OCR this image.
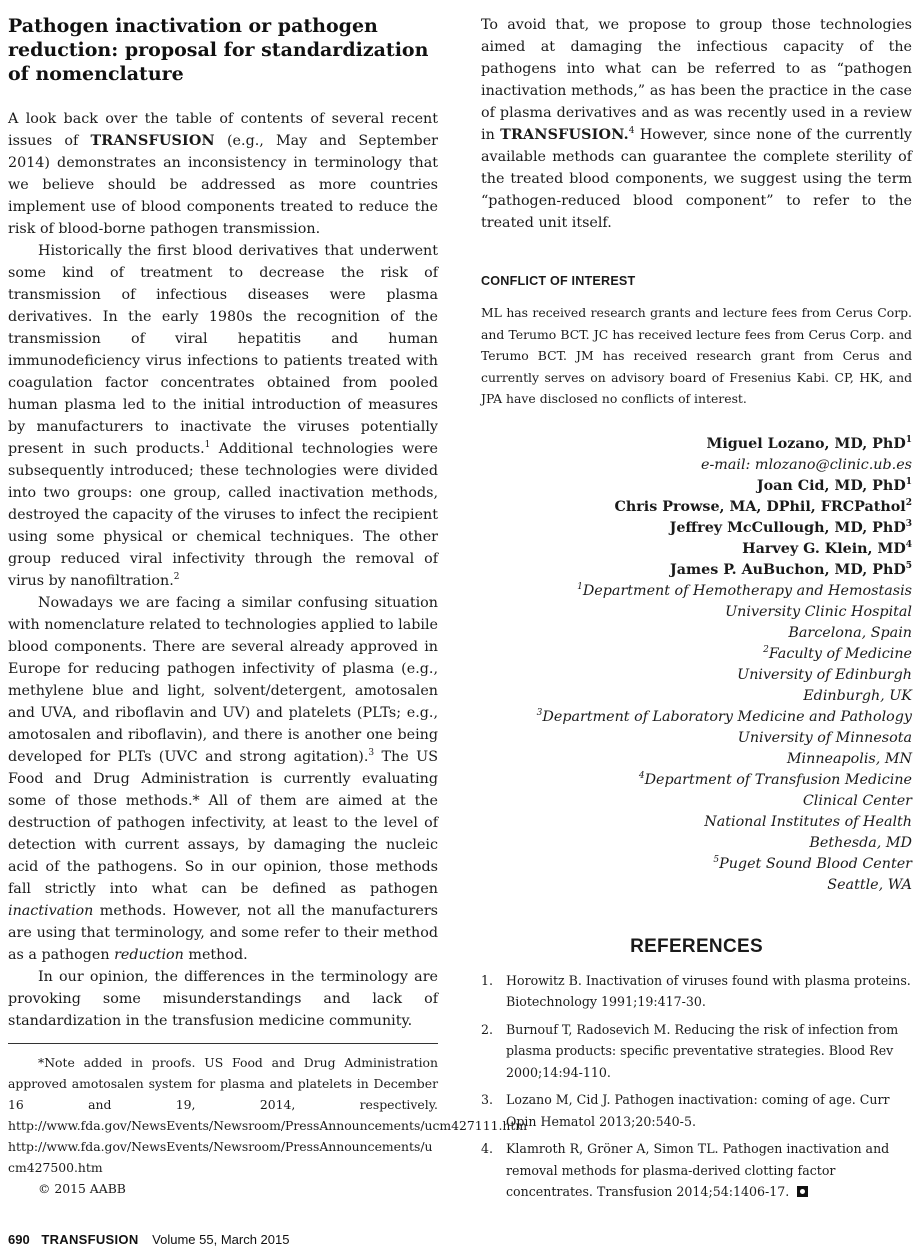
Pathogen inactivation or pathogen reduction: proposal for standardization of nomenclature

A look back over the table of contents of several recent issues of TRANSFUSION (e.g., May and September 2014) demonstrates an inconsistency in terminology that we believe should be addressed as more countries implement use of blood components treated to reduce the risk of blood-borne pathogen transmission.

Historically the first blood derivatives that underwent some kind of treatment to decrease the risk of transmission of infectious diseases were plasma derivatives. In the early 1980s the recognition of the transmission of viral hepatitis and human immunodeficiency virus infections to patients treated with coagulation factor concentrates obtained from pooled human plasma led to the initial introduction of measures by manufacturers to inactivate the viruses potentially present in such products.$^1$ Additional technologies were subsequently introduced; these technologies were divided into two groups: one group, called inactivation methods, destroyed the capacity of the viruses to infect the recipient using some physical or chemical techniques. The other group reduced viral infectivity through the removal of virus by nanofiltration.$^2$

Nowadays we are facing a similar confusing situation with nomenclature related to technologies applied to labile blood components. There are several already approved in Europe for reducing pathogen infectivity of plasma (e.g., methylene blue and light, solvent/detergent, amotosalen and UVA, and riboflavin and UV) and platelets (PLTs; e.g., amotosalen and riboflavin), and there is another one being developed for PLTs (UVC and strong agitation).$^3$ The US Food and Drug Administration is currently evaluating some of those methods.* All of them are aimed at the destruction of pathogen infectivity, at least to the level of detection with current assays, by damaging the nucleic acid of the pathogens. So in our opinion, those methods fall strictly into what can be defined as pathogen inactivation methods. However, not all the manufacturers are using that terminology, and some refer to their method as a pathogen reduction method.

In our opinion, the differences in the terminology are provoking some misunderstandings and lack of standardization in the transfusion medicine community.

*Note added in proofs. US Food and Drug Administration approved amotosalen system for plasma and platelets in December 16 and 19, 2014, respectively. http://www.fda.gov/NewsEvents/Newsroom/PressAnnouncements/ucm427111.htm
http://www.fda.gov/NewsEvents/Newsroom/PressAnnouncements/ucm427500.htm
© 2015 AABB

To avoid that, we propose to group those technologies aimed at damaging the infectious capacity of the pathogens into what can be referred to as “pathogen inactivation methods,” as has been the practice in the case of plasma derivatives and as was recently used in a review in TRANSFUSION.$^4$ However, since none of the currently available methods can guarantee the complete sterility of the treated blood components, we suggest using the term “pathogen-reduced blood component” to refer to the treated unit itself.

CONFLICT OF INTEREST

ML has received research grants and lecture fees from Cerus Corp. and Terumo BCT. JC has received lecture fees from Cerus Corp. and Terumo BCT. JM has received research grant from Cerus and currently serves on advisory board of Fresenius Kabi. CP, HK, and JPA have disclosed no conflicts of interest.

Miguel Lozano, MD, PhD$^1$
e-mail: mlozano@clinic.ub.es
Joan Cid, MD, PhD$^1$
Chris Prowse, MA, DPhil, FRCPathol$^2$
Jeffrey McCullough, MD, PhD$^3$
Harvey G. Klein, $MD^4$
James P. AuBuchon, MD, PhD$^5$
$^1$Department of Hemotherapy and Hemostasis
University Clinic Hospital
Barcelona, Spain
$^2$Faculty of Medicine
University of Edinburgh
Edinburgh, UK
$^3$Department of Laboratory Medicine and Pathology
University of Minnesota
Minneapolis, MN
$^4$Department of Transfusion Medicine
Clinical Center
National Institutes of Health
Bethesda, MD
$^5$Puget Sound Blood Center
Seattle, WA
REFERENCES
1. Horowitz B. Inactivation of viruses found with plasma proteins. Biotechnology 1991;19:417-30.
2. Burnouf T, Radosevich M. Reducing the risk of infection from plasma products: specific preventative strategies. Blood Rev 2000;14:94-110.
3. Lozano M, Cid J. Pathogen inactivation: coming of age. Curr Opin Hematol 2013;20:540-5.
4. Klamroth R, Gröner A, Simon TL. Pathogen inactivation and removal methods for plasma-derived clotting factor concentrates. Transfusion 2014;54:1406-17.
690 TRANSFUSION Volume 55, March 2015
